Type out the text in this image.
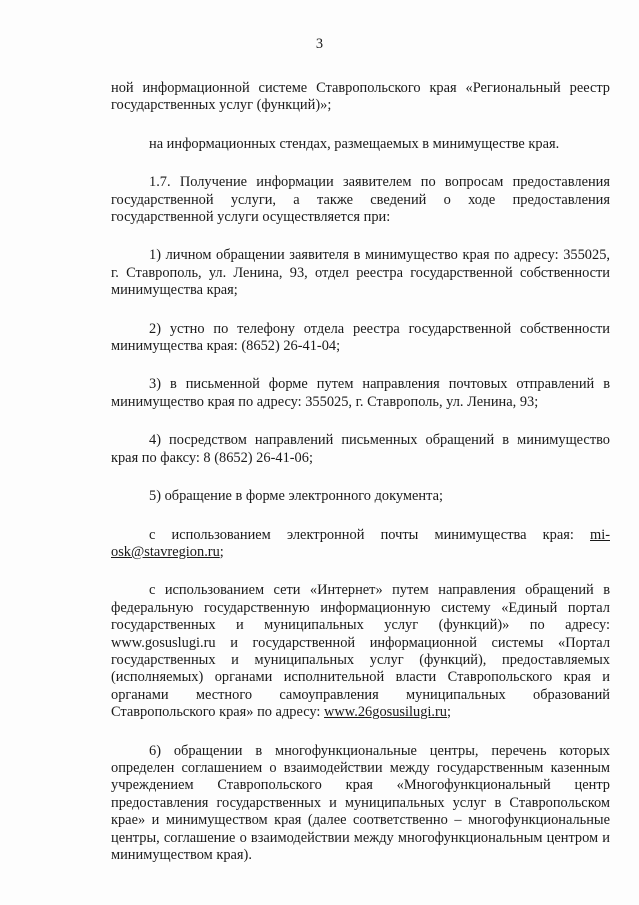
3

ной информационной системе Ставропольского края «Региональный реестр государственных услуг (функций)»;

на информационных стендах, размещаемых в минимуществе края.

1.7. Получение информации заявителем по вопросам предоставления государственной услуги, а также сведений о ходе предоставления государственной услуги осуществляется при:

1) личном обращении заявителя в минимущество края по адресу: 355025, г. Ставрополь, ул. Ленина, 93, отдел реестра государственной собственности минимущества края;

2) устно по телефону отдела реестра государственной собственности минимущества края: (8652) 26-41-04;

3) в письменной форме путем направления почтовых отправлений в минимущество края по адресу: 355025, г. Ставрополь, ул. Ленина, 93;

4) посредством направлений письменных обращений в минимущество края по факсу: 8 (8652) 26-41-06;

5) обращение в форме электронного документа;

с использованием электронной почты минимущества края: mi-osk@stavregion.ru;

с использованием сети «Интернет» путем направления обращений в федеральную государственную информационную систему «Единый портал государственных и муниципальных услуг (функций)» по адресу: www.gosuslugi.ru и государственной информационной системы «Портал государственных и муниципальных услуг (функций), предоставляемых (исполняемых) органами исполнительной власти Ставропольского края и органами местного самоуправления муниципальных образований Ставропольского края» по адресу: www.26gosusilugi.ru;

6) обращении в многофункциональные центры, перечень которых определен соглашением о взаимодействии между государственным казенным учреждением Ставропольского края «Многофункциональный центр предоставления государственных и муниципальных услуг в Ставропольском крае» и минимуществом края (далее соответственно – многофункциональные центры, соглашение о взаимодействии между многофункциональным центром и минимуществом края).
